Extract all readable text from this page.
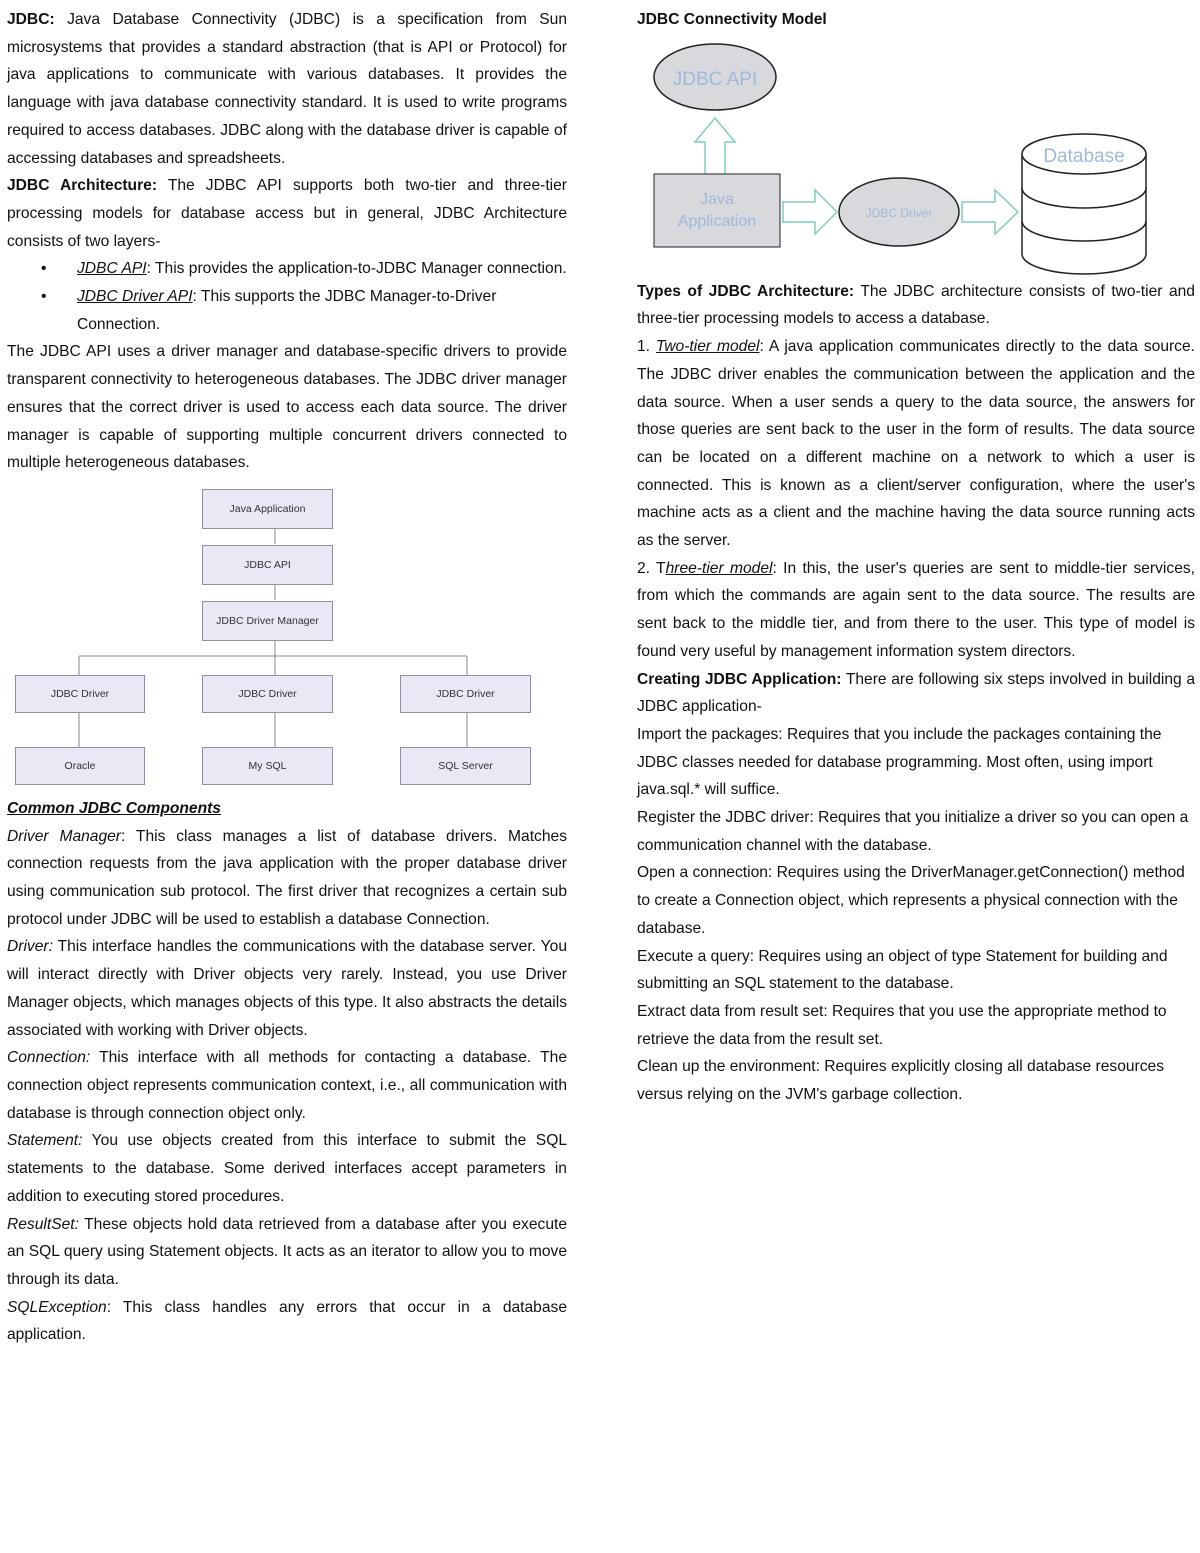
JDBC: Java Database Connectivity (JDBC) is a specification from Sun microsystems that provides a standard abstraction (that is API or Protocol) for java applications to communicate with various databases. It provides the language with java database connectivity standard. It is used to write programs required to access databases. JDBC along with the database driver is capable of accessing databases and spreadsheets.

JDBC Architecture: The JDBC API supports both two-tier and three-tier processing models for database access but in general, JDBC Architecture consists of two layers-

• JDBC API: This provides the application-to-JDBC Manager connection.
• JDBC Driver API: This supports the JDBC Manager-to-Driver Connection.

The JDBC API uses a driver manager and database-specific drivers to provide transparent connectivity to heterogeneous databases. The JDBC driver manager ensures that the correct driver is used to access each data source. The driver manager is capable of supporting multiple concurrent drivers connected to multiple heterogeneous databases.

Java Application
JDBC API
JDBC Driver Manager
JDBC Driver	JDBC Driver	JDBC Driver
Oracle	My SQL	SQL Server

Common JDBC Components

Driver Manager: This class manages a list of database drivers. Matches connection requests from the java application with the proper database driver using communication sub protocol. The first driver that recognizes a certain sub protocol under JDBC will be used to establish a database Connection.

Driver: This interface handles the communications with the database server. You will interact directly with Driver objects very rarely. Instead, you use Driver Manager objects, which manages objects of this type. It also abstracts the details associated with working with Driver objects.

Connection: This interface with all methods for contacting a database. The connection object represents communication context, i.e., all communication with database is through connection object only.

Statement: You use objects created from this interface to submit the SQL statements to the database. Some derived interfaces accept parameters in addition to executing stored procedures.

ResultSet: These objects hold data retrieved from a database after you execute an SQL query using Statement objects. It acts as an iterator to allow you to move through its data.

SQLException: This class handles any errors that occur in a database application.

JDBC Connectivity Model

JDBC API
Java
Application	JDBC Driver
Database

Types of JDBC Architecture: The JDBC architecture consists of two-tier and three-tier processing models to access a database.

1. Two-tier model: A java application communicates directly to the data source. The JDBC driver enables the communication between the application and the data source. When a user sends a query to the data source, the answers for those queries are sent back to the user in the form of results. The data source can be located on a different machine on a network to which a user is connected. This is known as a client/server configuration, where the user's machine acts as a client and the machine having the data source running acts as the server.

2. Three-tier model: In this, the user's queries are sent to middle-tier services, from which the commands are again sent to the data source. The results are sent back to the middle tier, and from there to the user. This type of model is found very useful by management information system directors.

Creating JDBC Application: There are following six steps involved in building a JDBC application-

Import the packages: Requires that you include the packages containing the JDBC classes needed for database programming. Most often, using import java.sql.* will suffice.

Register the JDBC driver: Requires that you initialize a driver so you can open a communication channel with the database.

Open a connection: Requires using the DriverManager.getConnection() method to create a Connection object, which represents a physical connection with the database.

Execute a query: Requires using an object of type Statement for building and submitting an SQL statement to the database.

Extract data from result set: Requires that you use the appropriate method to retrieve the data from the result set.

Clean up the environment: Requires explicitly closing all database resources versus relying on the JVM's garbage collection.
